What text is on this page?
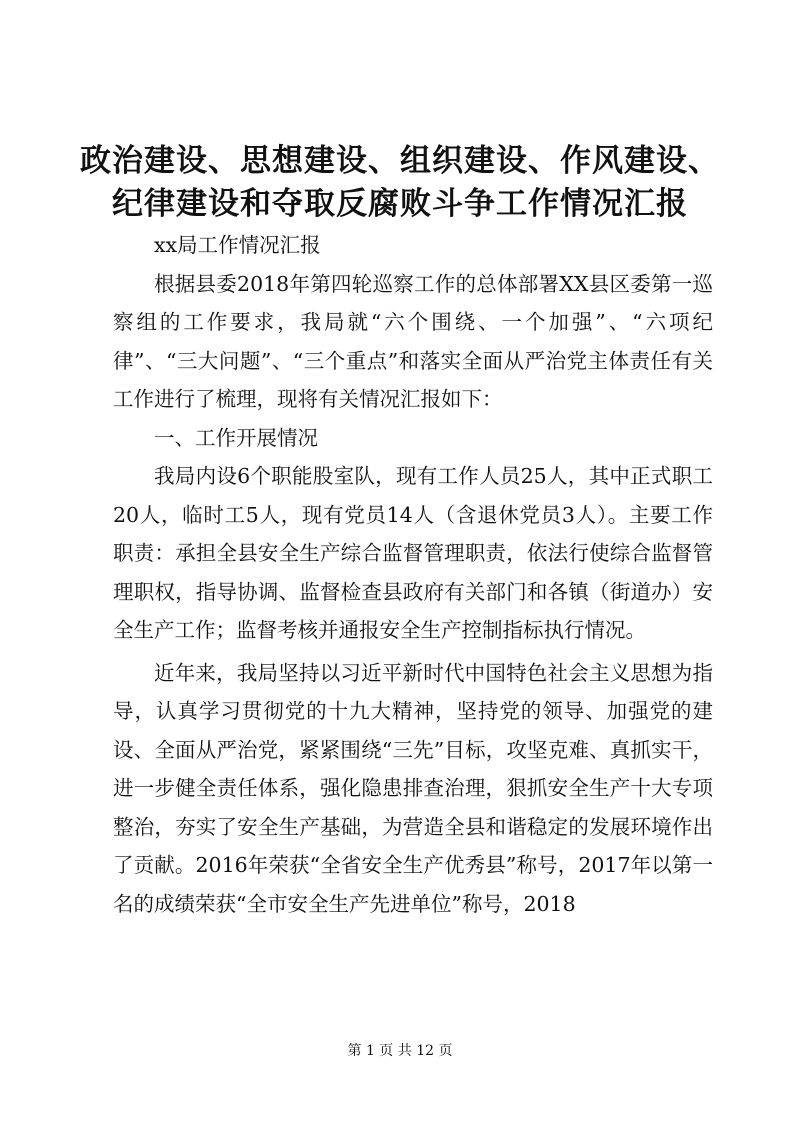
政治建设、思想建设、组织建设、作风建设、
纪律建设和夺取反腐败斗争工作情况汇报

xx局工作情况汇报

根据县委2018年第四轮巡察工作的总体部署XX县区委第一巡察组的工作要求，我局就“六个围绕、一个加强”、“六项纪律”、“三大问题”、“三个重点”和落实全面从严治党主体责任有关工作进行了梳理，现将有关情况汇报如下：

一、工作开展情况

我局内设6个职能股室队，现有工作人员25人，其中正式职工20人，临时工5人，现有党员14人（含退休党员3人）。主要工作职责：承担全县安全生产综合监督管理职责，依法行使综合监督管理职权，指导协调、监督检查县政府有关部门和各镇（街道办）安全生产工作；监督考核并通报安全生产控制指标执行情况。

近年来，我局坚持以习近平新时代中国特色社会主义思想为指导，认真学习贯彻党的十九大精神，坚持党的领导、加强党的建设、全面从严治党，紧紧围绕“三先”目标，攻坚克难、真抓实干，进一步健全责任体系，强化隐患排查治理，狠抓安全生产十大专项整治，夯实了安全生产基础，为营造全县和谐稳定的发展环境作出了贡献。2016年荣获“全省安全生产优秀县”称号，2017年以第一名的成绩荣获“全市安全生产先进单位”称号，2018

第 1 页 共 12 页
